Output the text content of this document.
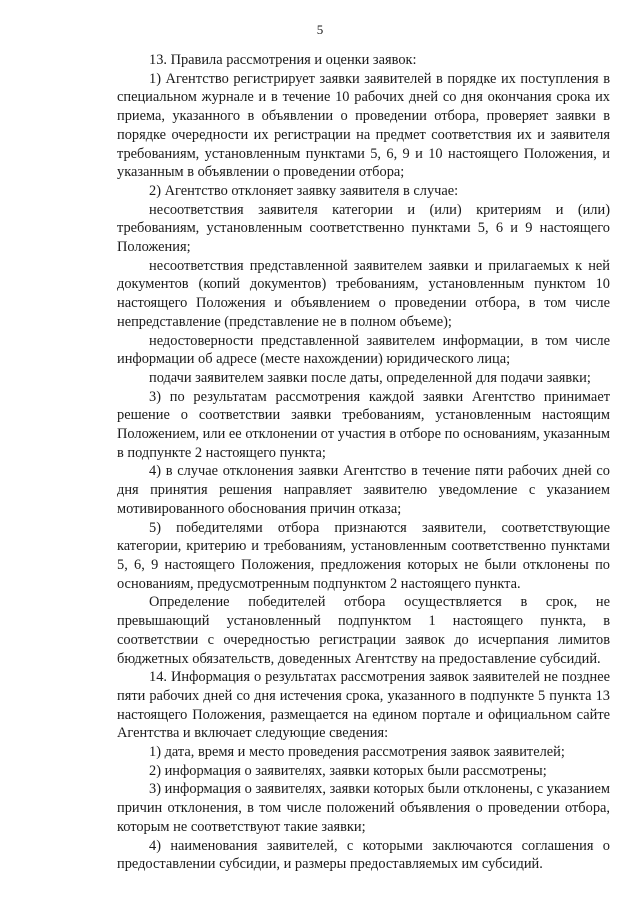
5

13. Правила рассмотрения и оценки заявок:

1) Агентство регистрирует заявки заявителей в порядке их поступления в специальном журнале и в течение 10 рабочих дней со дня окончания срока их приема, указанного в объявлении о проведении отбора, проверяет заявки в порядке очередности их регистрации на предмет соответствия их и заявителя требованиям, установленным пунктами 5, 6, 9 и 10 настоящего Положения, и указанным в объявлении о проведении отбора;

2) Агентство отклоняет заявку заявителя в случае:

несоответствия заявителя категории и (или) критериям и (или) требованиям, установленным соответственно пунктами 5, 6 и 9 настоящего Положения;

несоответствия представленной заявителем заявки и прилагаемых к ней документов (копий документов) требованиям, установленным пунктом 10 настоящего Положения и объявлением о проведении отбора, в том числе непредставление (представление не в полном объеме);

недостоверности представленной заявителем информации, в том числе информации об адресе (месте нахождении) юридического лица;

подачи заявителем заявки после даты, определенной для подачи заявки;

3) по результатам рассмотрения каждой заявки Агентство принимает решение о соответствии заявки требованиям, установленным настоящим Положением, или ее отклонении от участия в отборе по основаниям, указанным в подпункте 2 настоящего пункта;

4) в случае отклонения заявки Агентство в течение пяти рабочих дней со дня принятия решения направляет заявителю уведомление с указанием мотивированного обоснования причин отказа;

5) победителями отбора признаются заявители, соответствующие категории, критерию и требованиям, установленным соответственно пунктами 5, 6, 9 настоящего Положения, предложения которых не были отклонены по основаниям, предусмотренным подпунктом 2 настоящего пункта.

Определение победителей отбора осуществляется в срок, не превышающий установленный подпунктом 1 настоящего пункта, в соответствии с очередностью регистрации заявок до исчерпания лимитов бюджетных обязательств, доведенных Агентству на предоставление субсидий.

14. Информация о результатах рассмотрения заявок заявителей не позднее пяти рабочих дней со дня истечения срока, указанного в подпункте 5 пункта 13 настоящего Положения, размещается на едином портале и официальном сайте Агентства и включает следующие сведения:

1) дата, время и место проведения рассмотрения заявок заявителей;

2) информация о заявителях, заявки которых были рассмотрены;

3) информация о заявителях, заявки которых были отклонены, с указанием причин отклонения, в том числе положений объявления о проведении отбора, которым не соответствуют такие заявки;

4) наименования заявителей, с которыми заключаются соглашения о предоставлении субсидии, и размеры предоставляемых им субсидий.
